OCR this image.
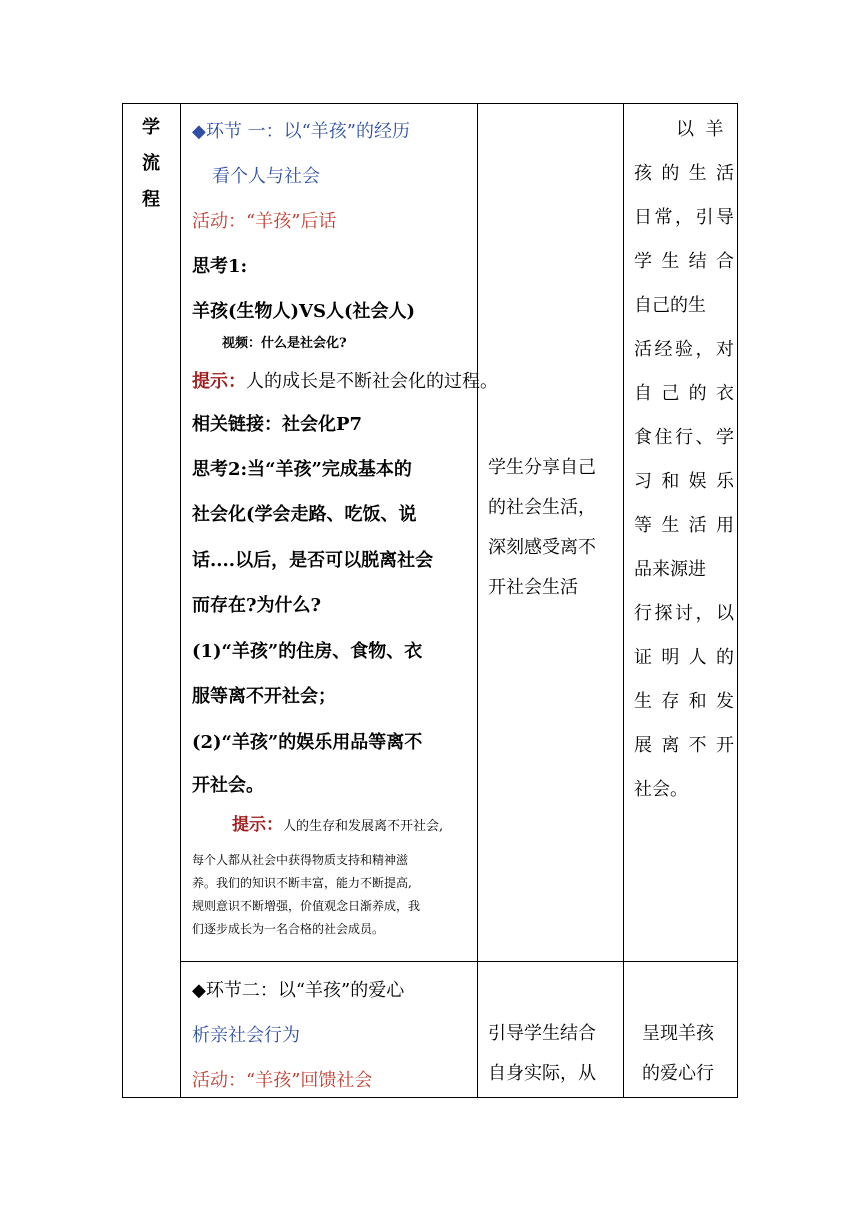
学
流
程
◆环节 一：以“羊孩”的经历
看个人与社会
活动：“羊孩”后话
思考1:
羊孩(生物人)VS人(社会人)
视频：什么是社会化?
提示：人的成长是不断社会化的过程。
相关链接：社会化P7
思考2:当“羊孩”完成基本的
社会化(学会走路、吃饭、说
话....以后，是否可以脱离社会
而存在?为什么?
(1)“羊孩”的住房、食物、衣
服等离不开社会；
(2)“羊孩”的娱乐用品等离不
开社会。
提示：人的生存和发展离不开社会,
每个人都从社会中获得物质支持和精神滋
养。我们的知识不断丰富，能力不断提高,
规则意识不断增强，价值观念日渐养成，我
们逐步成长为一名合格的社会成员。
学生分享自己
的社会生活，
深刻感受离不
开社会生活
以  羊
孩 的 生 活
日常，引导
学 生 结 合
自己的生
活经验，对
自 己 的 衣
食住行、学
习 和 娱 乐
等 生 活 用
品来源进
行探讨，以
证 明 人 的
生 存 和 发
展 离 不 开
社会。
◆环节二：以“羊孩”的爱心
析亲社会行为
活动：“羊孩”回馈社会
引导学生结合
自身实际，从
呈现羊孩
的爱心行
